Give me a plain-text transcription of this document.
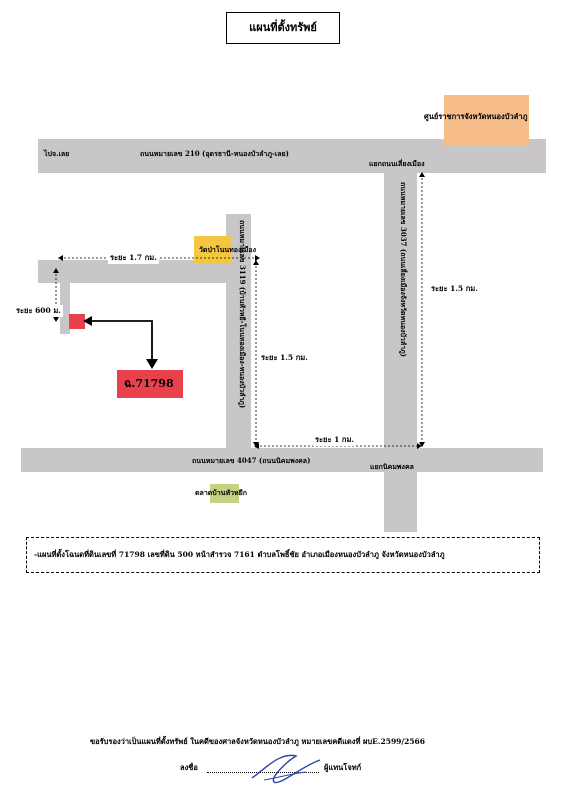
แผนที่ตั้งทรัพย์
ถนนหมายเลข 210 (อุดรธานี-หนองบัวลำภู-เลย)
ไปจ.เลย
แยกถนนเลี่ยงเมือง
ถนนหมายเลข 4047 (ถนนนิคมพงคล)
แยกนิคมพงคล
ถนนหมายเลข 3037 (ถนนเลี่ยงเมืองจังหวัดหนองบัวลำภู)
ถนนหมายเลข 3119 (บ้านหัวหยี-โนนทองเมือง-หนองบัวลำภู)
ศูนย์ราชการจังหวัดหนองบัวลำภู
วัดป่าโนนทองเมือง
ตลาดบ้านหัวหยีก
ฉ.71798
ระยะ 1.7 กม.
ระยะ 600 ม.
ระยะ 1.5 กม.
ระยะ 1.5 กม.
ระยะ 1 กม.
-แผนที่ตั้งโฉนดที่ดินเลขที่ 71798 เลขที่ดิน 500 หน้าสำรวจ 7161 ตำบลโพธิ์ชัย อำเภอเมืองหนองบัวลำภู จังหวัดหนองบัวลำภู
ขอรับรองว่าเป็นแผนที่ตั้งทรัพย์ ในคดีของศาลจังหวัดหนองบัวลำภู หมายเลขคดีแดงที่ ผบE.2599/2566
ลงชื่อ	ผู้แทนโจทก์
